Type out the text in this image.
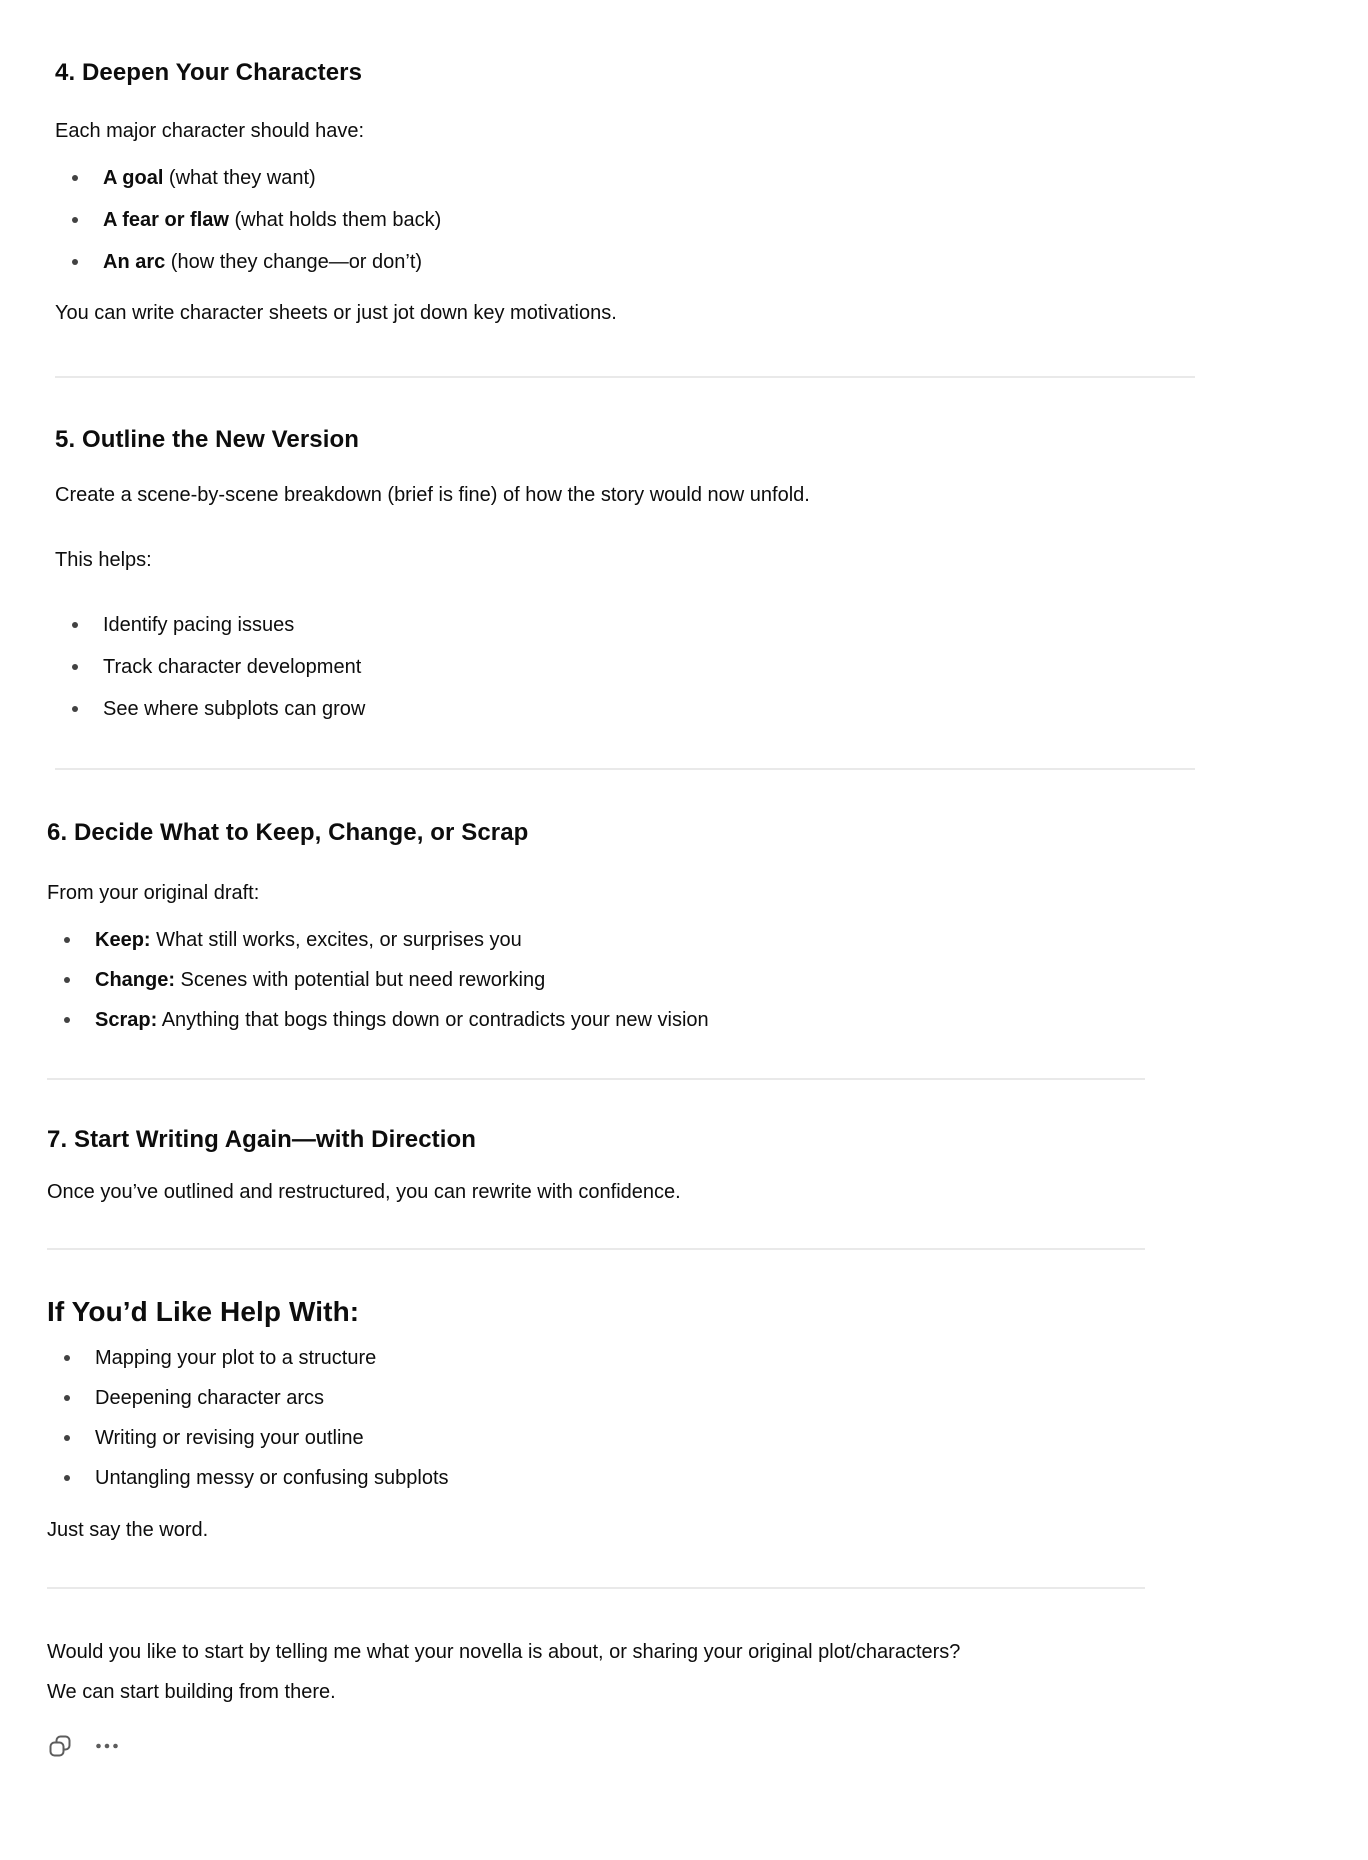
4. Deepen Your Characters

Each major character should have:

A goal (what they want)
A fear or flaw (what holds them back)
An arc (how they change—or don’t)

You can write character sheets or just jot down key motivations.

5. Outline the New Version

Create a scene-by-scene breakdown (brief is fine) of how the story would now unfold.

This helps:

Identify pacing issues
Track character development
See where subplots can grow
6. Decide What to Keep, Change, or Scrap

From your original draft:

Keep: What still works, excites, or surprises you
Change: Scenes with potential but need reworking
Scrap: Anything that bogs things down or contradicts your new vision
7. Start Writing Again—with Direction

Once you’ve outlined and restructured, you can rewrite with confidence.

If You’d Like Help With:
Mapping your plot to a structure
Deepening character arcs
Writing or revising your outline
Untangling messy or confusing subplots

Just say the word.

Would you like to start by telling me what your novella is about, or sharing your original plot/characters?
We can start building from there.
